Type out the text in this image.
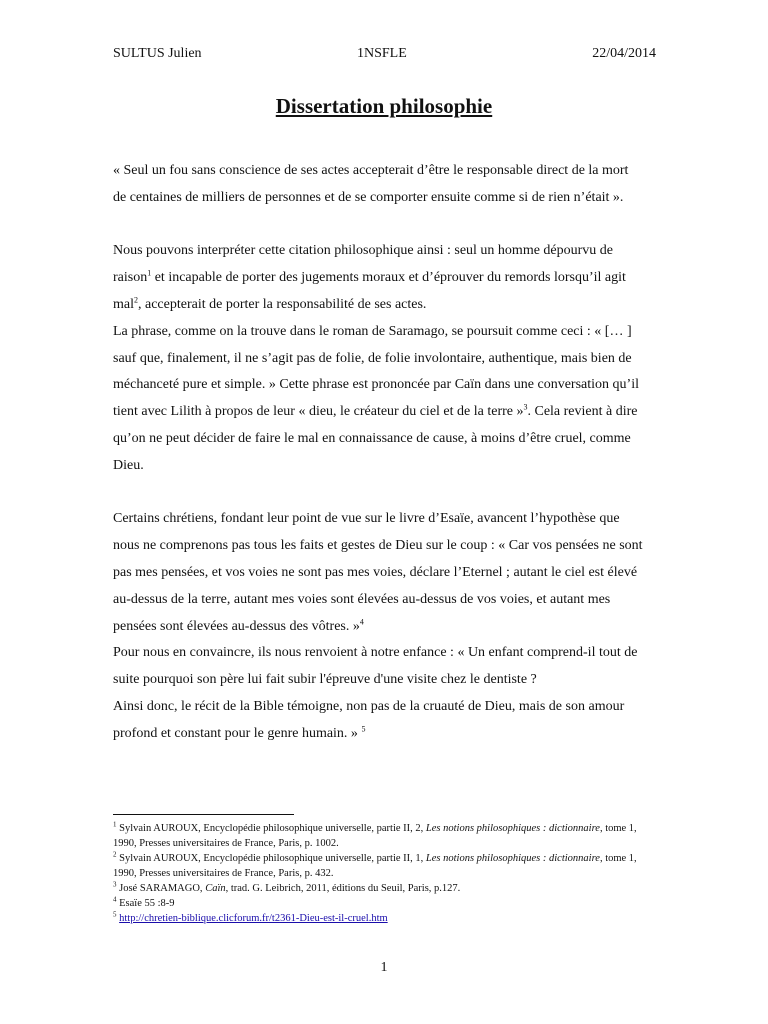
SULTUS Julien	1NSFLE	22/04/2014
Dissertation philosophie

« Seul un fou sans conscience de ses actes accepterait d’être le responsable direct de la mort de centaines de milliers de personnes et de se comporter ensuite comme si de rien n’était ».

Nous pouvons interpréter cette citation philosophique ainsi : seul un homme dépourvu de raison$^1$ et incapable de porter des jugements moraux et d’éprouver du remords lorsqu’il agit mal$^2$, accepterait de porter la responsabilité de ses actes.

La phrase, comme on la trouve dans le roman de Saramago, se poursuit comme ceci : « [… ] sauf que, finalement, il ne s’agit pas de folie, de folie involontaire, authentique, mais bien de méchanceté pure et simple. » Cette phrase est prononcée par Caïn dans une conversation qu’il tient avec Lilith à propos de leur « dieu, le créateur du ciel et de la terre »$^3$. Cela revient à dire qu’on ne peut décider de faire le mal en connaissance de cause, à moins d’être cruel, comme Dieu.

Certains chrétiens, fondant leur point de vue sur le livre d’Esaïe, avancent l’hypothèse que nous ne comprenons pas tous les faits et gestes de Dieu sur le coup : « Car vos pensées ne sont pas mes pensées, et vos voies ne sont pas mes voies, déclare l’Eternel ; autant le ciel est élevé au-dessus de la terre, autant mes voies sont élevées au-dessus de vos voies, et autant mes pensées sont élevées au-dessus des vôtres. »$^4$

Pour nous en convaincre, ils nous renvoient à notre enfance : « Un enfant comprend-il tout de suite pourquoi son père lui fait subir l'épreuve d'une visite chez le dentiste ?

Ainsi donc, le récit de la Bible témoigne, non pas de la cruauté de Dieu, mais de son amour profond et constant pour le genre humain. » $^5$

$^1$ Sylvain AUROUX, Encyclopédie philosophique universelle, partie II, 2, Les notions philosophiques : dictionnaire, tome 1, 1990, Presses universitaires de France, Paris, p. 1002.
$^2$ Sylvain AUROUX, Encyclopédie philosophique universelle, partie II, 1, Les notions philosophiques : dictionnaire, tome 1, 1990, Presses universitaires de France, Paris, p. 432.
$^3$ José SARAMAGO, Caïn, trad. G. Leibrich, 2011, éditions du Seuil, Paris, p.127.
$^4$ Esaïe 55 :8-9
$^5$ http://chretien-biblique.clicforum.fr/t2361-Dieu-est-il-cruel.htm
1
